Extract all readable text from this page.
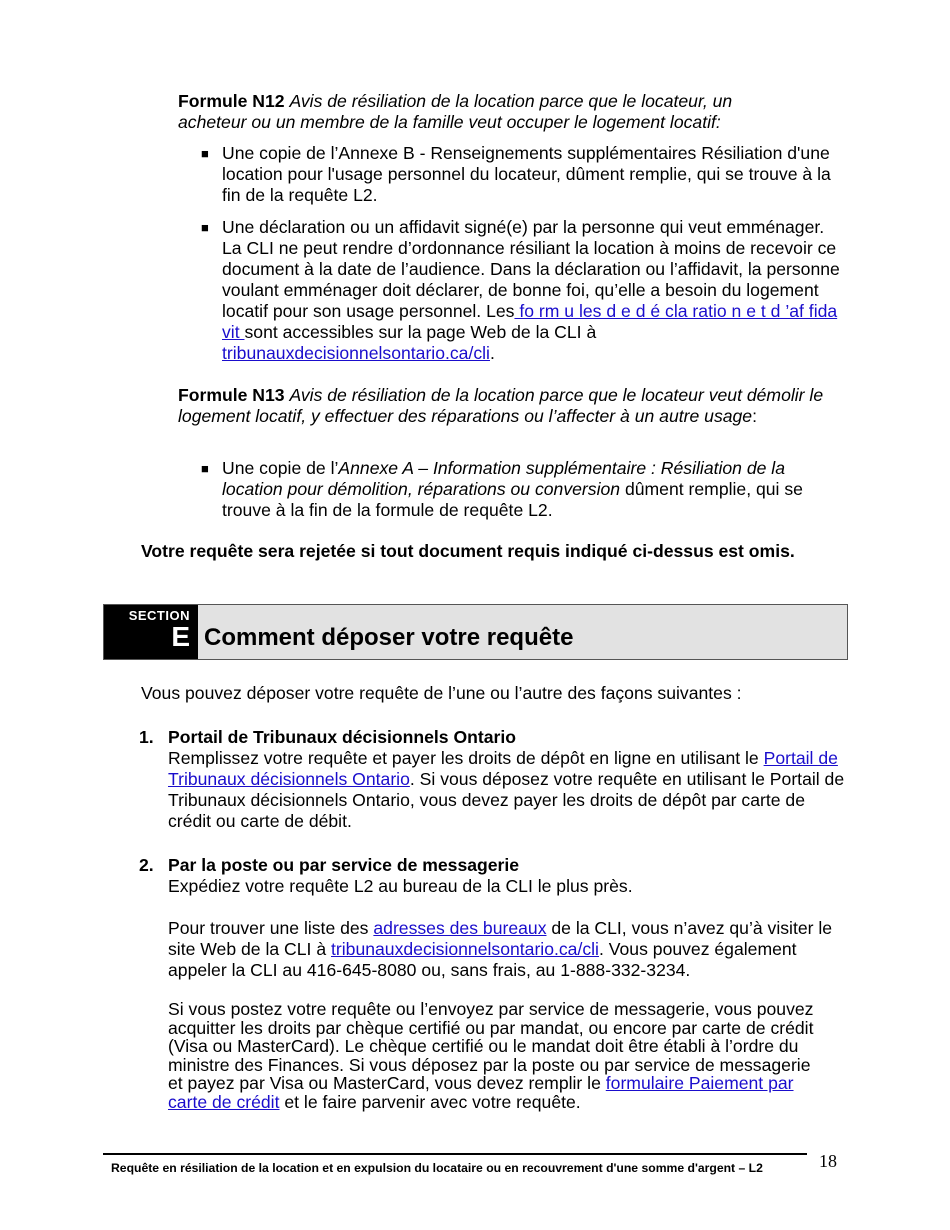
Formule N12 Avis de résiliation de la location parce que le locateur, un acheteur ou un membre de la famille veut occuper le logement locatif:

■ Une copie de l’Annexe B - Renseignements supplémentaires Résiliation d'une location pour l'usage personnel du locateur, dûment remplie, qui se trouve à la fin de la requête L2.

■ Une déclaration ou un affidavit signé(e) par la personne qui veut emménager. La CLI ne peut rendre d’ordonnance résiliant la location à moins de recevoir ce document à la date de l’audience. Dans la déclaration ou l’affidavit, la personne voulant emménager doit déclarer, de bonne foi, qu’elle a besoin du logement locatif pour son usage personnel. Les fo rm u les d e d é cla ratio n e t d ’af fida vit sont accessibles sur la page Web de la CLI à tribunauxdecisionnelsontario.ca/cli.

Formule N13 Avis de résiliation de la location parce que le locateur veut démolir le logement locatif, y effectuer des réparations ou l’affecter à un autre usage:

■ Une copie de l’Annexe A – Information supplémentaire : Résiliation de la location pour démolition, réparations ou conversion dûment remplie, qui se trouve à la fin de la formule de requête L2.

Votre requête sera rejetée si tout document requis indiqué ci-dessus est omis.

SECTION
E Comment déposer votre requête

Vous pouvez déposer votre requête de l’une ou l’autre des façons suivantes :

1. Portail de Tribunaux décisionnels Ontario

Remplissez votre requête et payer les droits de dépôt en ligne en utilisant le Portail de Tribunaux décisionnels Ontario. Si vous déposez votre requête en utilisant le Portail de Tribunaux décisionnels Ontario, vous devez payer les droits de dépôt par carte de crédit ou carte de débit.

2. Par la poste ou par service de messagerie

Expédiez votre requête L2 au bureau de la CLI le plus près.

Pour trouver une liste des adresses des bureaux de la CLI, vous n’avez qu’à visiter le site Web de la CLI à tribunauxdecisionnelsontario.ca/cli. Vous pouvez également appeler la CLI au 416-645-8080 ou, sans frais, au 1-888-332-3234.

Si vous postez votre requête ou l’envoyez par service de messagerie, vous pouvez acquitter les droits par chèque certifié ou par mandat, ou encore par carte de crédit (Visa ou MasterCard). Le chèque certifié ou le mandat doit être établi à l’ordre du ministre des Finances. Si vous déposez par la poste ou par service de messagerie et payez par Visa ou MasterCard, vous devez remplir le formulaire Paiement par carte de crédit et le faire parvenir avec votre requête.

Requête en résiliation de la location et en expulsion du locataire ou en recouvrement d'une somme d'argent – L2	18
